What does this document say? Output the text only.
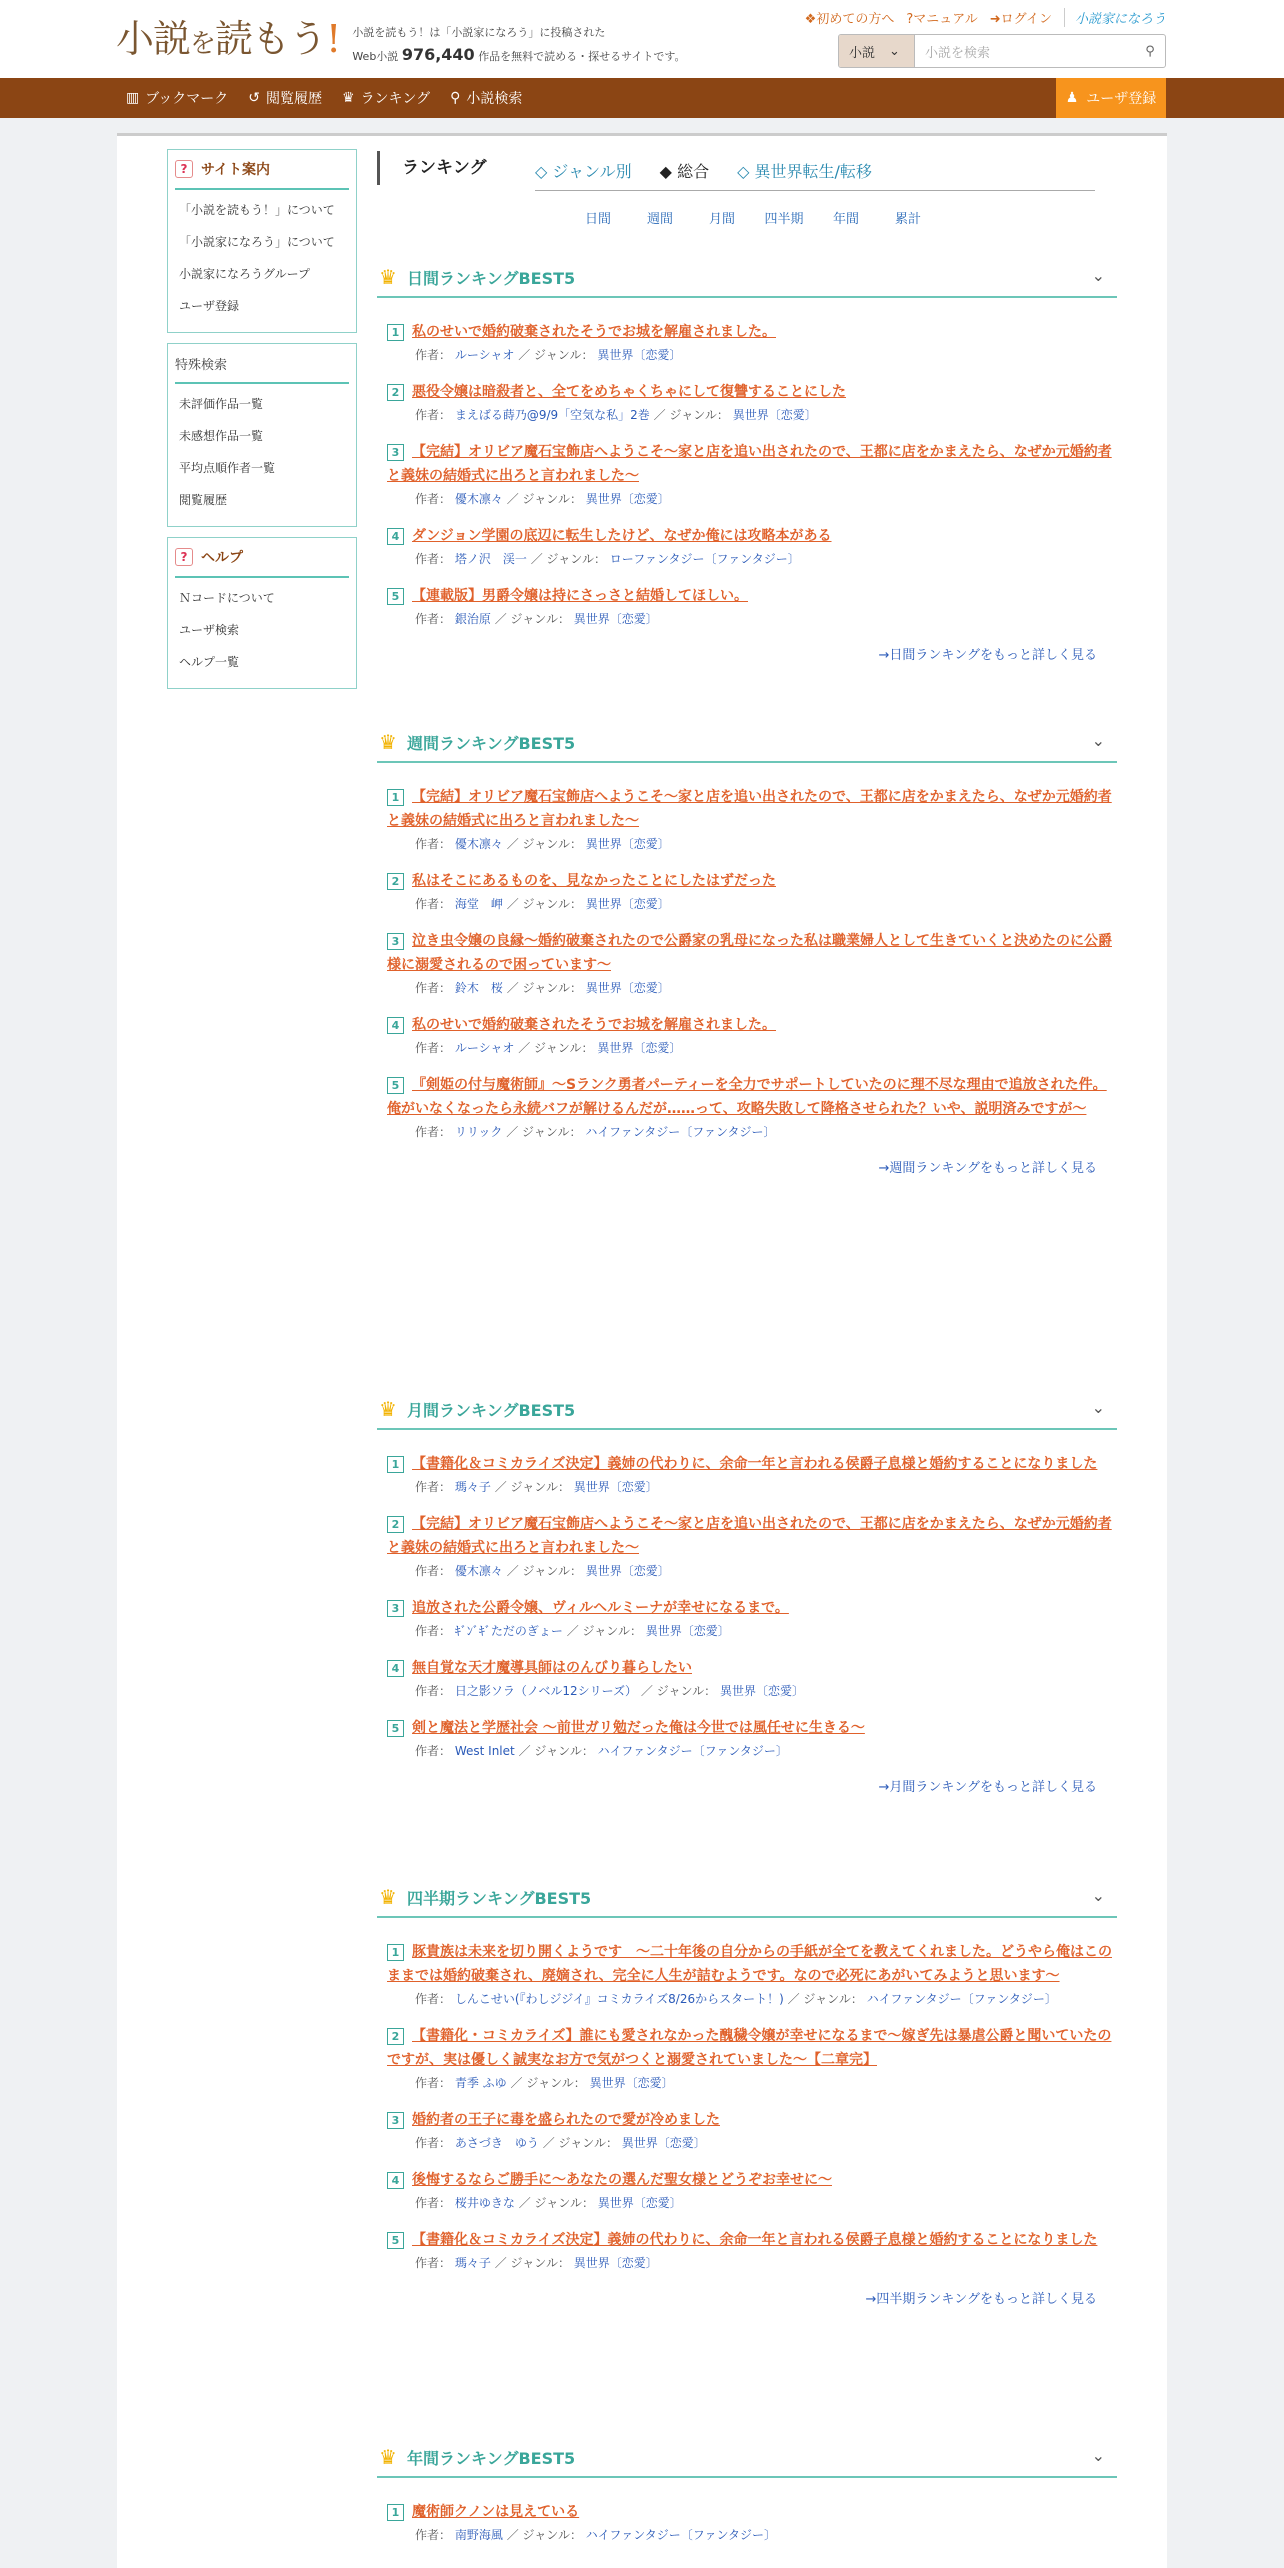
小説を読もう! 小説を読もう！は「小説家になろう」に投稿された
Web小説 976,440 作品を無料で読める・探せるサイトです。
❖初めての方へ ?マニュアル ➜ログイン	小説家になろう
小説 ⌄	小説を検索	⚲
▥ ブックマーク ↺ 閲覧履歴 ♛ ランキング ⚲ 小説検索	♟ ユーザ登録
? サイト案内
「小説を読もう！」について
「小説家になろう」について
小説家になろうグループ
ユーザ登録
特殊検索
未評価作品一覧
未感想作品一覧
平均点順作者一覧
閲覧履歴
? ヘルプ
Ｎコードについて
ユーザ検索
ヘルプ一覧
ランキング	◇ ジャンル別 ◆ 総合 ◇ 異世界転生/転移
日間	週間	月間	四半期	年間	累計
♛ 日間ランキングBEST5	⌄
1 私のせいで婚約破棄されたそうでお城を解雇されました。
作者： ルーシャオ ／ ジャンル： 異世界〔恋愛〕
2 悪役令嬢は暗殺者と、全てをめちゃくちゃにして復讐することにした
作者： まえばる蒔乃@9/9「空気な私」2巻 ／ ジャンル： 異世界〔恋愛〕
3 【完結】オリビア魔石宝飾店へようこそ～家と店を追い出されたので、王都に店をかまえたら、なぜか元婚約者と義妹の結婚式に出ろと言われました～
作者： 優木凛々 ／ ジャンル： 異世界〔恋愛〕
4 ダンジョン学園の底辺に転生したけど、なぜか俺には攻略本がある
作者： 塔ノ沢　渓一 ／ ジャンル： ローファンタジー〔ファンタジー〕
5 【連載版】男爵令嬢は持にさっさと結婚してほしい。
作者： 銀治原 ／ ジャンル： 異世界〔恋愛〕
→日間ランキングをもっと詳しく見る
♛ 週間ランキングBEST5	⌄
1 【完結】オリビア魔石宝飾店へようこそ～家と店を追い出されたので、王都に店をかまえたら、なぜか元婚約者と義妹の結婚式に出ろと言われました～
作者： 優木凛々 ／ ジャンル： 異世界〔恋愛〕
2 私はそこにあるものを、見なかったことにしたはずだった
作者： 海堂　岬 ／ ジャンル： 異世界〔恋愛〕
3 泣き虫令嬢の良縁〜婚約破棄されたので公爵家の乳母になった私は職業婦人として生きていくと決めたのに公爵様に溺愛されるので困っています〜
作者： 鈴木　桜 ／ ジャンル： 異世界〔恋愛〕
4 私のせいで婚約破棄されたそうでお城を解雇されました。
作者： ルーシャオ ／ ジャンル： 異世界〔恋愛〕
5 『剣姫の付与魔術師』～Sランク勇者パーティーを全力でサポートしていたのに理不尽な理由で追放された件。俺がいなくなったら永続バフが解けるんだが……って、攻略失敗して降格させられた？いや、説明済みですが～
作者： リリック ／ ジャンル： ハイファンタジー〔ファンタジー〕
→週間ランキングをもっと詳しく見る
♛ 月間ランキングBEST5	⌄
1 【書籍化＆コミカライズ決定】義姉の代わりに、余命一年と言われる侯爵子息様と婚約することになりました
作者： 瑪々子 ／ ジャンル： 異世界〔恋愛〕
2 【完結】オリビア魔石宝飾店へようこそ～家と店を追い出されたので、王都に店をかまえたら、なぜか元婚約者と義妹の結婚式に出ろと言われました～
作者： 優木凛々 ／ ジャンル： 異世界〔恋愛〕
3 追放された公爵令嬢、ヴィルヘルミーナが幸せになるまで。
作者： ｷﾞﾝﾞｷﾞただのぎょー ／ ジャンル： 異世界〔恋愛〕
4 無自覚な天才魔導具師はのんびり暮らしたい
作者： 日之影ソラ（ノベル12シリーズ） ／ ジャンル： 異世界〔恋愛〕
5 剣と魔法と学歴社会 〜前世ガリ勉だった俺は今世では風任せに生きる〜
作者： West Inlet ／ ジャンル： ハイファンタジー〔ファンタジー〕
→月間ランキングをもっと詳しく見る
♛ 四半期ランキングBEST5	⌄
1 豚貴族は未来を切り開くようです　～二十年後の自分からの手紙が全てを教えてくれました。どうやら俺はこのままでは婚約破棄され、廃嫡され、完全に人生が詰むようです。なので必死にあがいてみようと思います～
作者： しんこせい(『わしジジイ』コミカライズ8/26からスタート！) ／ ジャンル： ハイファンタジー〔ファンタジー〕
2 【書籍化・コミカライズ】誰にも愛されなかった醜穢令嬢が幸せになるまで〜嫁ぎ先は暴虐公爵と聞いていたのですが、実は優しく誠実なお方で気がつくと溺愛されていました〜【二章完】
作者： 青季 ふゆ ／ ジャンル： 異世界〔恋愛〕
3 婚約者の王子に毒を盛られたので愛が冷めました
作者： あさづき　ゆう ／ ジャンル： 異世界〔恋愛〕
4 後悔するならご勝手に～あなたの選んだ聖女様とどうぞお幸せに～
作者： 桜井ゆきな ／ ジャンル： 異世界〔恋愛〕
5 【書籍化＆コミカライズ決定】義姉の代わりに、余命一年と言われる侯爵子息様と婚約することになりました
作者： 瑪々子 ／ ジャンル： 異世界〔恋愛〕
→四半期ランキングをもっと詳しく見る
♛ 年間ランキングBEST5	⌄
1 魔術師クノンは見えている
作者： 南野海風 ／ ジャンル： ハイファンタジー〔ファンタジー〕
